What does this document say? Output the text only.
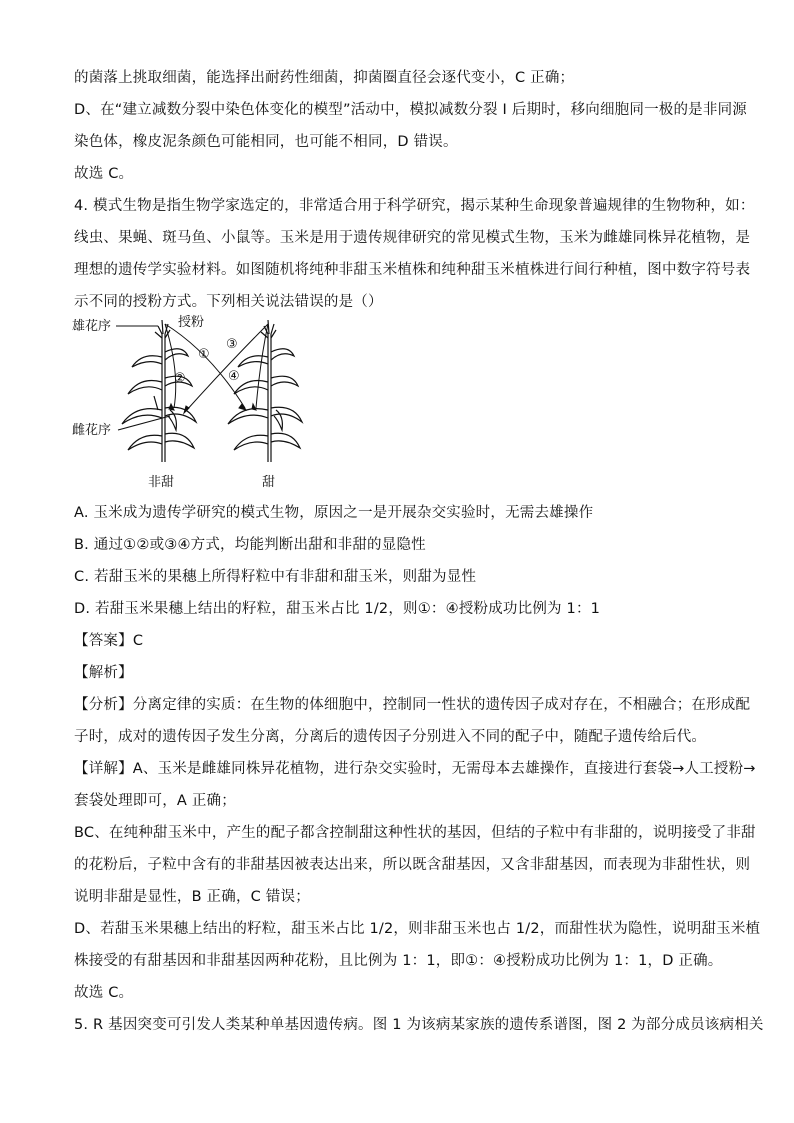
的菌落上挑取细菌，能选择出耐药性细菌，抑菌圈直径会逐代变小，C 正确；
D、在“建立减数分裂中染色体变化的模型”活动中，模拟减数分裂 I 后期时，移向细胞同一极的是非同源
染色体，橡皮泥条颜色可能相同，也可能不相同，D 错误。
故选 C。
4. 模式生物是指生物学家选定的，非常适合用于科学研究，揭示某种生命现象普遍规律的生物物种，如：
线虫、果蝇、斑马鱼、小鼠等。玉米是用于遗传规律研究的常见模式生物，玉米为雌雄同株异花植物，是
理想的遗传学实验材料。如图随机将纯种非甜玉米植株和纯种甜玉米植株进行间行种植，图中数字符号表
示不同的授粉方式。下列相关说法错误的是（）
雄花序	授粉
雌花序
①
②
③
④
非甜	甜
A. 玉米成为遗传学研究的模式生物，原因之一是开展杂交实验时，无需去雄操作
B. 通过①②或③④方式，均能判断出甜和非甜的显隐性
C. 若甜玉米的果穗上所得籽粒中有非甜和甜玉米，则甜为显性
D. 若甜玉米果穗上结出的籽粒，甜玉米占比 1/2，则①：④授粉成功比例为 1：1
【答案】C
【解析】
【分析】分离定律的实质：在生物的体细胞中，控制同一性状的遗传因子成对存在，不相融合；在形成配
子时，成对的遗传因子发生分离，分离后的遗传因子分别进入不同的配子中，随配子遗传给后代。
【详解】A、玉米是雌雄同株异花植物，进行杂交实验时，无需母本去雄操作，直接进行套袋→人工授粉→
套袋处理即可，A 正确；
BC、在纯种甜玉米中，产生的配子都含控制甜这种性状的基因，但结的子粒中有非甜的，说明接受了非甜
的花粉后，子粒中含有的非甜基因被表达出来，所以既含甜基因，又含非甜基因，而表现为非甜性状，则
说明非甜是显性，B 正确，C 错误；
D、若甜玉米果穗上结出的籽粒，甜玉米占比 1/2，则非甜玉米也占 1/2，而甜性状为隐性，说明甜玉米植
株接受的有甜基因和非甜基因两种花粉，且比例为 1：1，即①：④授粉成功比例为 1：1，D 正确。
故选 C。
5. R 基因突变可引发人类某种单基因遗传病。图 1 为该病某家族的遗传系谱图，图 2 为部分成员该病相关
